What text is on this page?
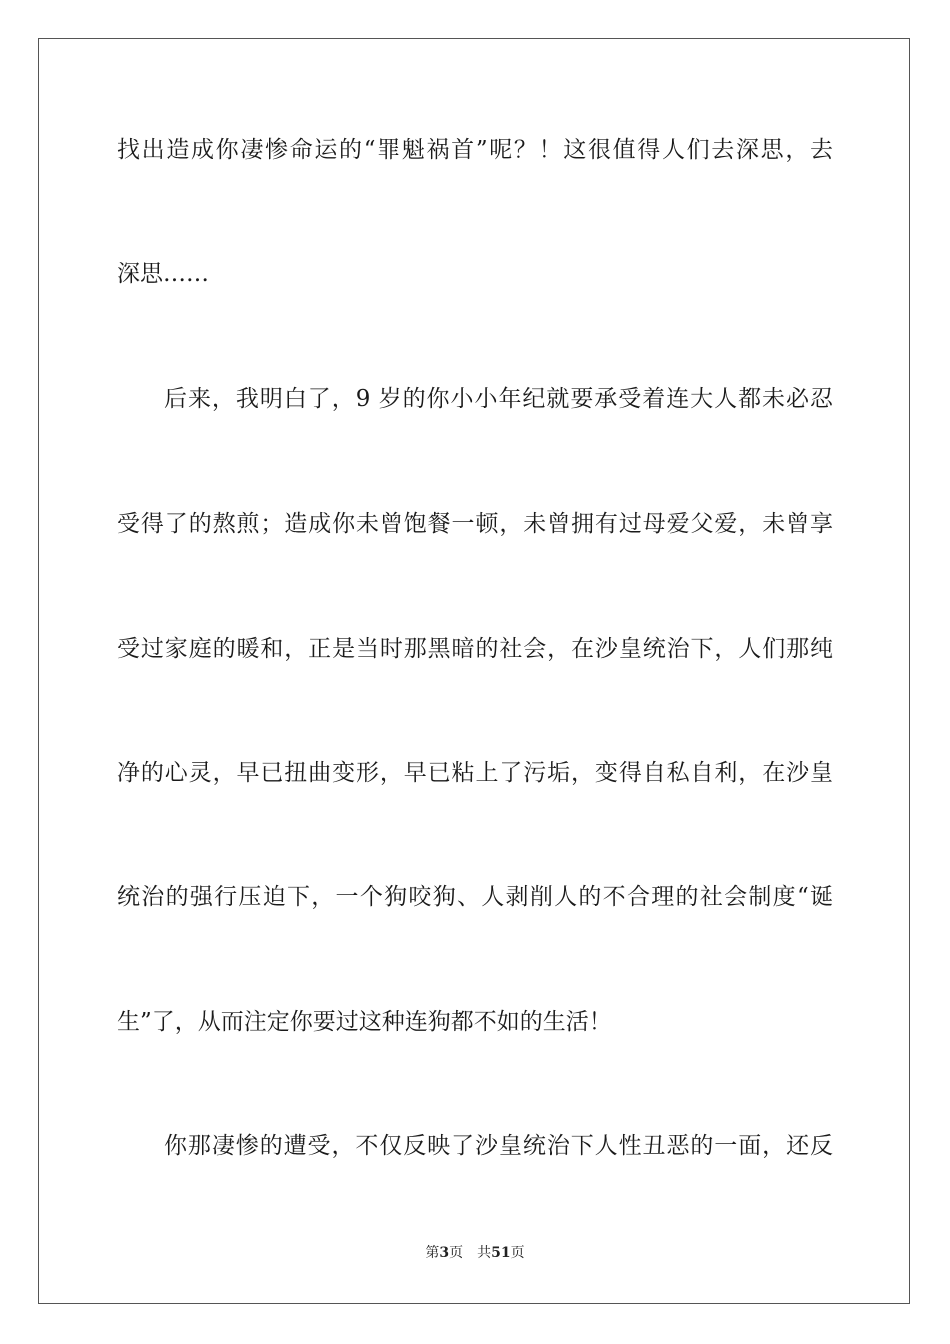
找出造成你凄惨命运的“罪魁祸首”呢？！这很值得人们去深思，去
深思……
后来，我明白了，9 岁的你小小年纪就要承受着连大人都未必忍
受得了的熬煎；造成你未曾饱餐一顿，未曾拥有过母爱父爱，未曾享
受过家庭的暖和，正是当时那黑暗的社会，在沙皇统治下，人们那纯
净的心灵，早已扭曲变形，早已粘上了污垢，变得自私自利，在沙皇
统治的强行压迫下，一个狗咬狗、人剥削人的不合理的社会制度“诞
生”了，从而注定你要过这种连狗都不如的生活！
你那凄惨的遭受，不仅反映了沙皇统治下人性丑恶的一面，还反
第3页 共51页
